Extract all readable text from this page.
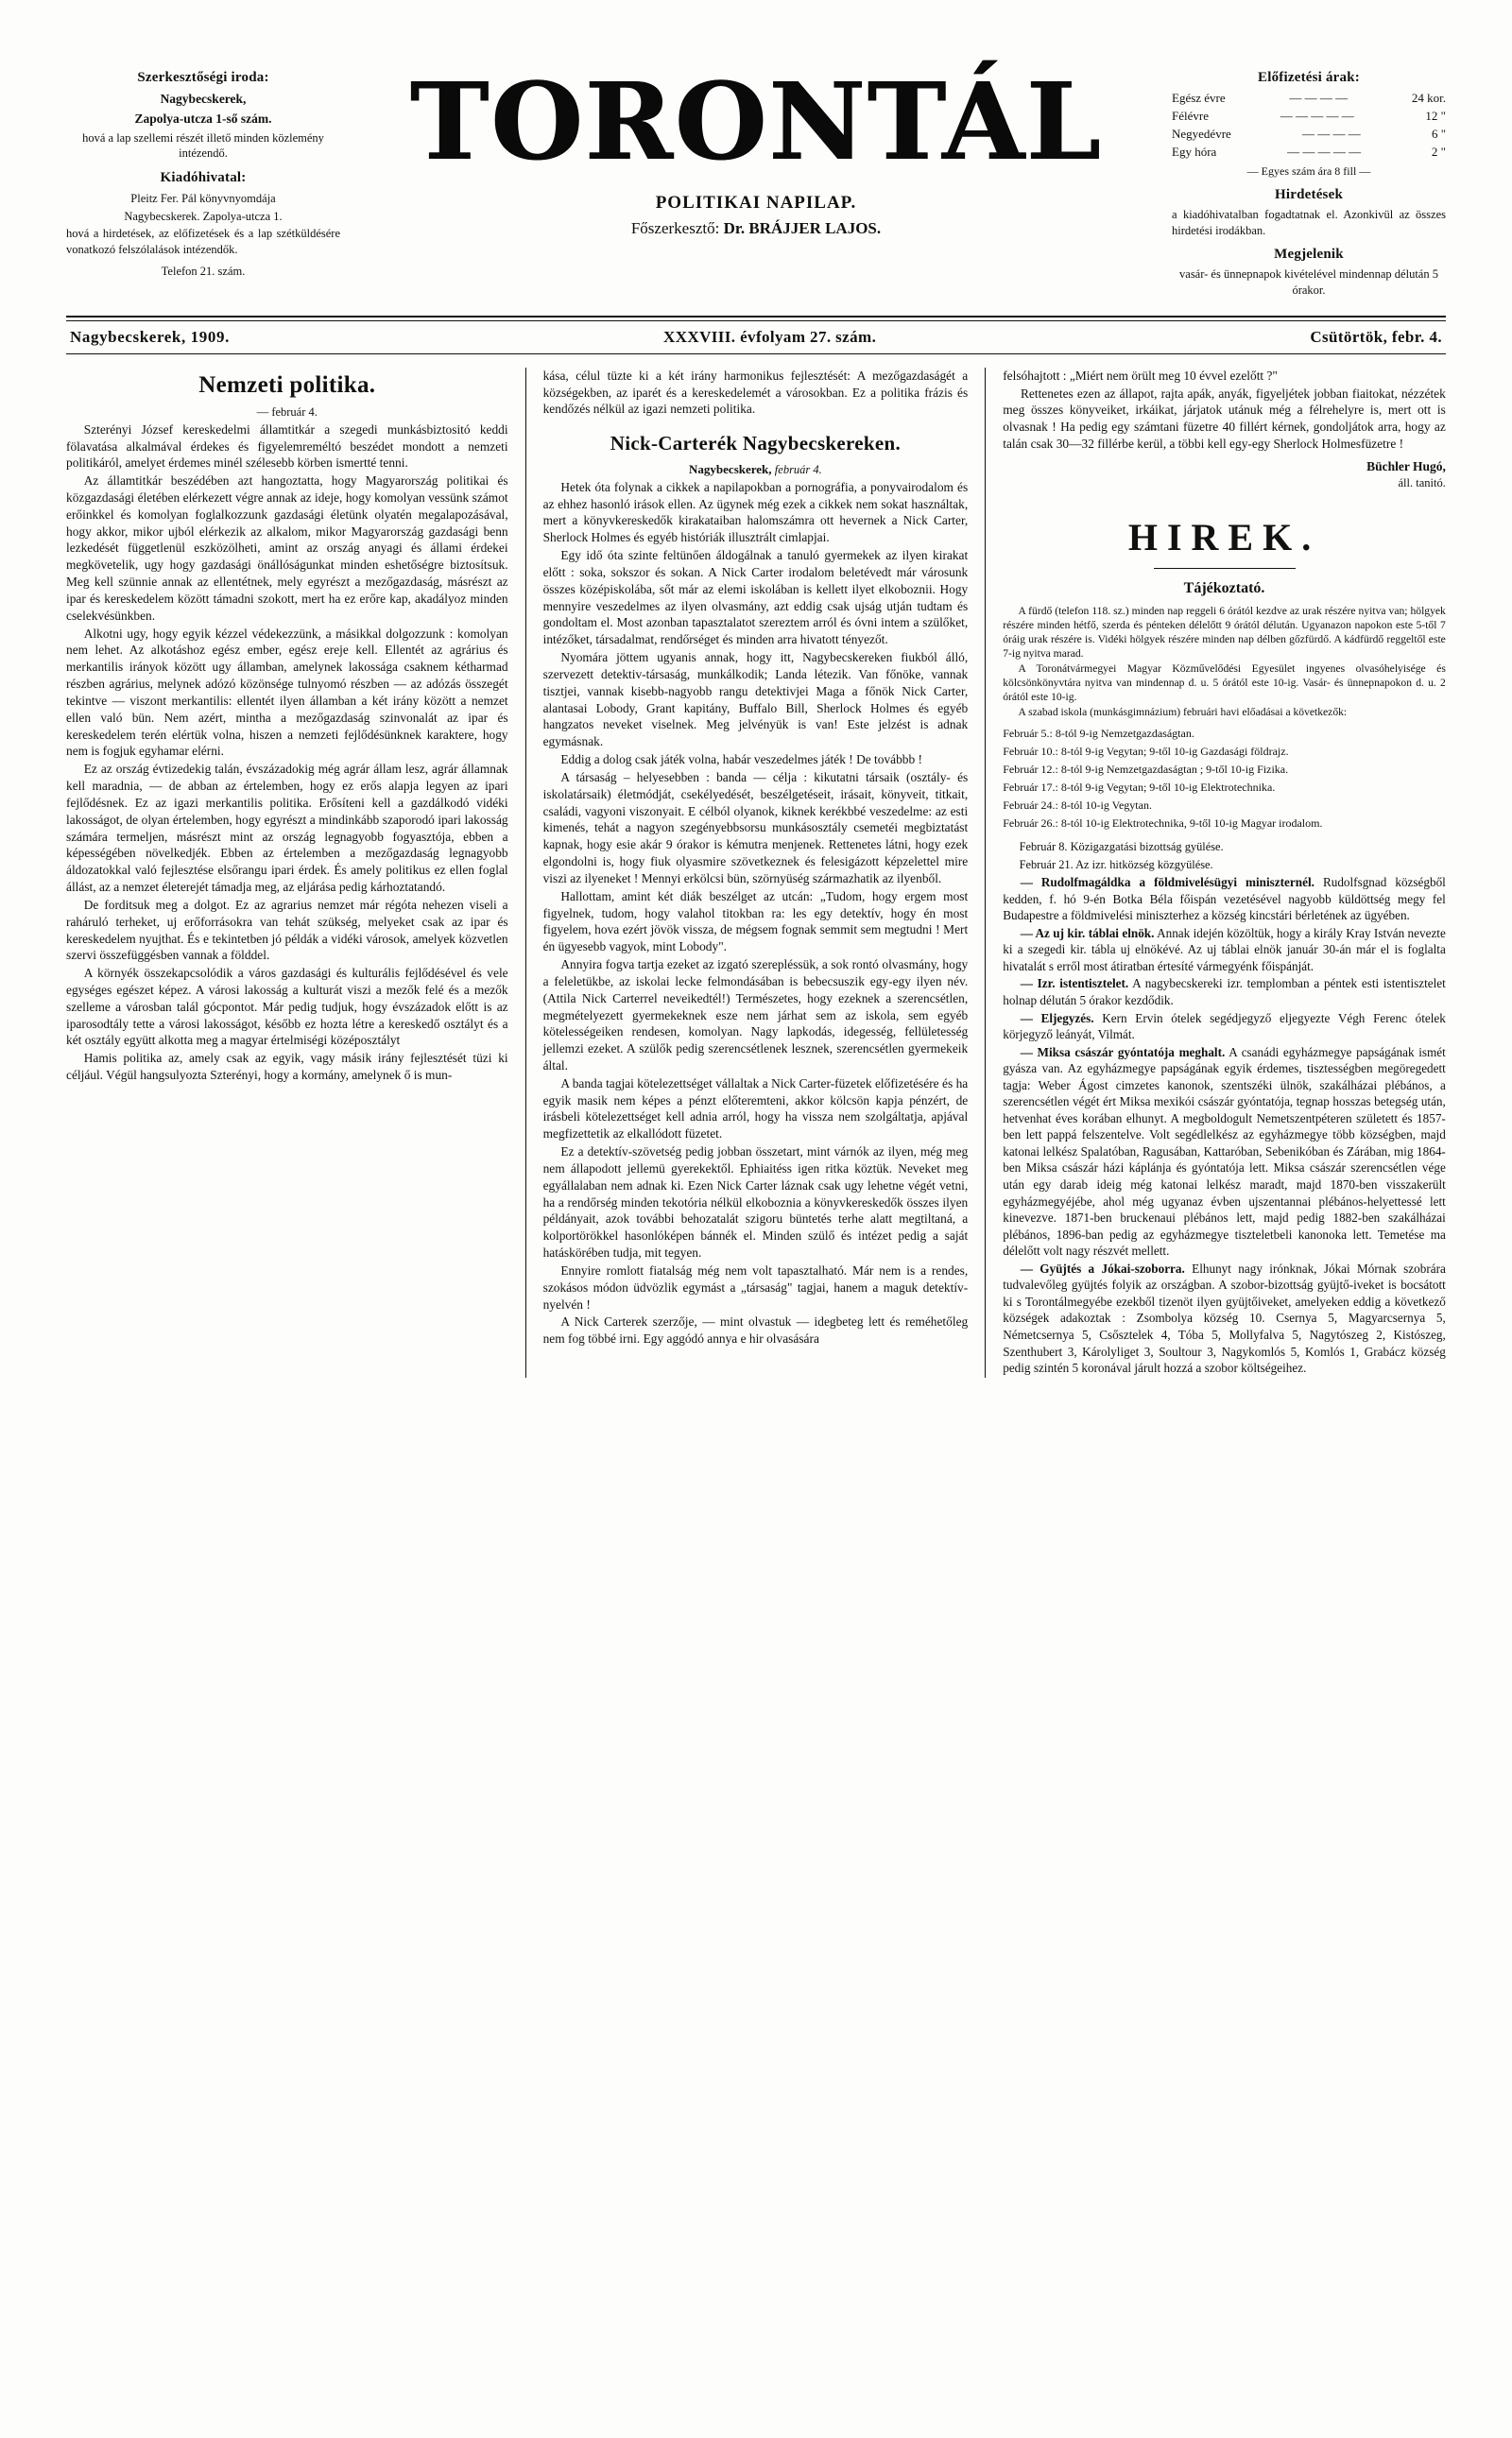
Szerkesztőségi iroda:

Nagybecskerek,

Zapolya-utcza 1-ső szám.

hová a lap szellemi részét illető minden közlemény intézendő.

Kiadóhivatal:

Pleitz Fer. Pál könyvnyomdája

Nagybecskerek. Zapolya-utcza 1.

hová a hirdetések, az előfizetések és a lap szétküldésére vonatkozó felszólalások intézendők.

Telefon 21. szám.

TORONTÁL

POLITIKAI NAPILAP.

Főszerkesztő: Dr. BRÁJJER LAJOS.

Előfizetési árak:

Egész évre	— — — —	24 kor.
Félévre	— — — — —	12 "
Negyedévre	— — — —	6 "
Egy hóra	— — — — —	2 "

— Egyes szám ára 8 fill —

Hirdetések

a kiadóhivatalban fogadtatnak el. Azonkivül az összes hirdetési irodákban.

Megjelenik

vasár- és ünnepnapok kivételével mindennap délután 5 órakor.

Nagybecskerek, 1909.	XXXVIII. évfolyam 27. szám.	Csütörtök, febr. 4.
Nemzeti politika.

— február 4.

Szterényi József kereskedelmi államtitkár a szegedi munkásbiztositó keddi fölavatása alkalmával érdekes és figyelemreméltó beszédet mondott a nemzeti politikáról, amelyet érdemes minél szélesebb körben ismertté tenni.

Az államtitkár beszédében azt hangoztatta, hogy Magyarország politikai és közgazdasági életében elérkezett végre annak az ideje, hogy komolyan vessünk számot erőinkkel és komolyan foglalkozzunk gazdasági életünk olyatén megalapozásával, hogy akkor, mikor ujból elérkezik az alkalom, mikor Magyarország gazdasági benn lezkedését függetlenül eszközölheti, amint az ország anyagi és állami érdekei megkövetelik, ugy hogy gazdasági önállóságunkat minden eshetőségre biztosítsuk. Meg kell szünnie annak az ellentétnek, mely egyrészt a mezőgazdaság, másrészt az ipar és kereskedelem között támadni szokott, mert ha ez erőre kap, akadályoz minden cselekvésünkben.

Alkotni ugy, hogy egyik kézzel védekezzünk, a másikkal dolgozzunk : komolyan nem lehet. Az alkotáshoz egész ember, egész ereje kell. Ellentét az agrárius és merkantilis irányok között ugy államban, amelynek lakossága csaknem kétharmad részben agrárius, melynek adózó közönsége tulnyomó részben — az adózás összegét tekintve — viszont merkantilis: ellentét ilyen államban a két irány között a nemzet ellen való bün. Nem azért, mintha a mezőgazdaság szinvonalát az ipar és kereskedelem terén elértük volna, hiszen a nemzeti fejlődésünknek karaktere, hogy nem is fogjuk egyhamar elérni.

Ez az ország évtizedekig talán, évszázadokig még agrár állam lesz, agrár államnak kell maradnia, — de abban az értelemben, hogy ez erős alapja legyen az ipari fejlődésnek. Ez az igazi merkantilis politika. Erősíteni kell a gazdálkodó vidéki lakosságot, de olyan értelemben, hogy egyrészt a mindinkább szaporodó ipari lakosság számára termeljen, másrészt mint az ország legnagyobb fogyasztója, ebben a képességében növelkedjék. Ebben az értelemben a mezőgazdaság legnagyobb áldozatokkal való fejlesztése elsőrangu ipari érdek. És amely politikus ez ellen foglal állást, az a nemzet életerejét támadja meg, az eljárása pedig kárhoztatandó.

De forditsuk meg a dolgot. Ez az agrarius nemzet már régóta nehezen viseli a raháruló terheket, uj erőforrásokra van tehát szükség, melyeket csak az ipar és kereskedelem nyujthat. És e tekintetben jó példák a vidéki városok, amelyek közvetlen szervi összefüggésben vannak a földdel.

A környék összekapcsolódik a város gazdasági és kulturális fejlődésével és vele egységes egészet képez. A városi lakosság a kulturát viszi a mezők felé és a mezők szelleme a városban talál gócpontot. Már pedig tudjuk, hogy évszázadok előtt is az iparosodtály tette a városi lakosságot, később ez hozta létre a kereskedő osztályt és a két osztály együtt alkotta meg a magyar értelmiségi középosztályt

Hamis politika az, amely csak az egyik, vagy másik irány fejlesztését tüzi ki céljául. Végül hangsulyozta Szterényi, hogy a kormány, amelynek ő is mun-

kása, célul tüzte ki a két irány harmonikus fejlesztését: A mezőgazdaságét a községekben, az iparét és a kereskedelemét a városokban. Ez a politika frázis és kendőzés nélkül az igazi nemzeti politika.

Nick-Carterék Nagybecskereken.

Nagybecskerek, február 4.

Hetek óta folynak a cikkek a napilapokban a pornográfia, a ponyvairodalom és az ehhez hasonló irások ellen. Az ügynek még ezek a cikkek nem sokat használtak, mert a könyvkereskedők kirakataiban halomszámra ott hevernek a Nick Carter, Sherlock Holmes és egyéb históriák illusztrált cimlapjai.

Egy idő óta szinte feltünően áldogálnak a tanuló gyermekek az ilyen kirakat előtt : soka, sokszor és sokan. A Nick Carter irodalom beletévedt már városunk összes középiskolába, sőt már az elemi iskolában is kellett ilyet elkoboznii. Hogy mennyire veszedelmes az ilyen olvasmány, azt eddig csak ujság utján tudtam és gondoltam el. Most azonban tapasztalatot szereztem arról és óvni intem a szülőket, intézőket, társadalmat, rendőrséget és minden arra hivatott tényezőt.

Nyomára jöttem ugyanis annak, hogy itt, Nagybecskereken fiukból álló, szervezett detektiv-társaság, munkálkodik; Landa létezik. Van főnöke, vannak tisztjei, vannak kisebb-nagyobb rangu detektivjei Maga a főnök Nick Carter, alantasai Lobody, Grant kapitány, Buffalo Bill, Sherlock Holmes és egyéb hangzatos neveket viselnek. Meg jelvényük is van! Este jelzést is adnak egymásnak.

Eddig a dolog csak játék volna, habár veszedelmes játék ! De továbbb !

A társaság – helyesebben : banda — célja : kikutatni társaik (osztály- és iskolatársaik) életmódját, csekélyedését, beszélgetéseit, irásait, könyveit, titkait, családi, vagyoni viszonyait. E célból olyanok, kiknek kerékbbé veszedelme: az esti kimenés, tehát a nagyon szegényebbsorsu munkásosztály csemetéi megbiztatást kapnak, hogy esie akár 9 órakor is kémutra menjenek. Rettenetes látni, hogy ezek elgondolni is, hogy fiuk olyasmire szövetkeznek és felesigázott képzelettel mire viszi az ilyeneket ! Mennyi erkölcsi bün, szörnyüség származhatik az ilyenből.

Hallottam, amint két diák beszélget az utcán: „Tudom, hogy ergem most figyelnek, tudom, hogy valahol titokban ra: les egy detektív, hogy én most figyelem, hova ezért jövök vissza, de mégsem fognak semmit sem megtudni ! Mert én ügyesebb vagyok, mint Lobody".

Annyira fogva tartja ezeket az izgató szerepléssük, a sok rontó olvasmány, hogy a feleletükbe, az iskolai lecke felmondásában is bebecsuszik egy-egy ilyen név. (Attila Nick Carterrel neveikedtél!) Természetes, hogy ezeknek a szerencsétlen, megmételyezett gyermekeknek esze nem járhat sem az iskola, sem egyéb kötelességeiken rendesen, komolyan. Nagy lapkodás, idegesség, fellületesség jellemzi ezeket. A szülők pedig szerencsétlenek lesznek, szerencsétlen gyermekeik által.

A banda tagjai kötelezettséget vállaltak a Nick Carter-füzetek előfizetésére és ha egyik masik nem képes a pénzt előteremteni, akkor kölcsön kapja pénzért, de irásbeli kötelezettséget kell adnia arról, hogy ha vissza nem szolgáltatja, apjával megfizettetik az elkallódott füzetet.

Ez a detektív-szövetség pedig jobban összetart, mint várnók az ilyen, még meg nem állapodott jellemü gyerekektől. Ephiaitéss igen ritka köztük. Neveket meg egyállalaban nem adnak ki. Ezen Nick Carter láznak csak ugy lehetne végét vetni, ha a rendőrség minden tekotória nélkül elkoboznia a könyvkereskedők összes ilyen példányait, azok további behozatalát szigoru büntetés terhe alatt megtiltaná, a kolportörökkel hasonlóképen bánnék el. Minden szülő és intézet pedig a saját hatáskörében tudja, mit tegyen.

Ennyire romlott fiatalság még nem volt tapasztalható. Már nem is a rendes, szokásos módon üdvözlik egymást a „társaság" tagjai, hanem a maguk detektív-nyelvén !

A Nick Carterek szerzője, — mint olvastuk — idegbeteg lett és reméhetőleg nem fog többé irni. Egy aggódó annya e hir olvasására

felsóhajtott : „Miért nem örült meg 10 évvel ezelőtt ?"

Rettenetes ezen az állapot, rajta apák, anyák, figyeljétek jobban fiaitokat, nézzétek meg összes könyveiket, irkáikat, járjatok utánuk még a félrehelyre is, mert ott is olvasnak ! Ha pedig egy számtani füzetre 40 fillért kérnek, gondoljátok arra, hogy az talán csak 30—32 fillérbe kerül, a többi kell egy-egy Sherlock Holmesfüzetre !

Büchler Hugó,
áll. tanitó.
HIREK.
Tájékoztató.

A fürdő (telefon 118. sz.) minden nap reggeli 6 órától kezdve az urak részére nyitva van; hölgyek részére minden hétfő, szerda és pénteken délelőtt 9 órától délután. Ugyanazon napokon este 5-től 7 óráig urak részére is. Vidéki hölgyek részére minden nap délben gőzfürdő. A kádfürdő reggeltől este 7-ig nyitva marad.

A Toronátvármegyei Magyar Közművelődési Egyesület ingyenes olvasóhelyisége és kölcsönkönyvtára nyitva van mindennap d. u. 5 órától este 10-ig. Vasár- és ünnepnapokon d. u. 2 órától este 10-ig.

A szabad iskola (munkásgimnázium) februári havi előadásai a következők:

Február 5.: 8-tól 9-ig Nemzetgazdaságtan.
Február 10.: 8-tól 9-ig Vegytan; 9-től 10-ig Gazdasági földrajz.
Február 12.: 8-tól 9-ig Nemzetgazdaságtan ; 9-től 10-ig Fizika.
Február 17.: 8-tól 9-ig Vegytan; 9-től 10-ig Elektrotechnika.
Február 24.: 8-tól 10-ig Vegytan.
Február 26.: 8-tól 10-ig Elektrotechnika, 9-től 10-ig Magyar irodalom.

Február 8. Közigazgatási bizottság gyülése.

Február 21. Az izr. hitközség közgyülése.

— Rudolfmagáldka a földmivelésügyi miniszternél. Rudolfsgnad községből kedden, f. hó 9-én Botka Béla főispán vezetésével nagyobb küldöttség megy fel Budapestre a földmivelési miniszterhez a község kincstári bérletének az ügyében.

— Az uj kir. táblai elnök. Annak idején közöltük, hogy a király Kray István nevezte ki a szegedi kir. tábla uj elnökévé. Az uj táblai elnök január 30-án már el is foglalta hivatalát s erről most átiratban értesíté vármegyénk főispánját.

— Izr. istentisztelet. A nagybecskereki izr. templomban a péntek esti istentisztelet holnap délután 5 órakor kezdődik.

— Eljegyzés. Kern Ervin ótelek segédjegyző eljegyezte Végh Ferenc ótelek körjegyző leányát, Vilmát.

— Miksa császár gyóntatója meghalt. A csanádi egyházmegye papságának ismét gyásza van. Az egyházmegye papságának egyik érdemes, tisztességben megöregedett tagja: Weber Ágost cimzetes kanonok, szentszéki ülnök, szakálházai plébános, a szerencsétlen végét ért Miksa mexikói császár gyóntatója, tegnap hosszas betegség után, hetvenhat éves korában elhunyt. A megboldogult Nemetszentpéteren született és 1857-ben lett pappá felszentelve. Volt segédlelkész az egyházmegye több községben, majd katonai lelkész Spalatóban, Ragusában, Kattaróban, Sebenikóban és Zárában, mig 1864-ben Miksa császár házi káplánja és gyóntatója lett. Miksa császár szerencsétlen vége után egy darab ideig még katonai lelkész maradt, majd 1870-ben visszakerült egyházmegyéjébe, ahol még ugyanaz évben ujszentannai plébános-helyettessé lett kinevezve. 1871-ben bruckenaui plébános lett, majd pedig 1882-ben szakálházai plébános, 1896-ban pedig az egyházmegye tiszteletbeli kanonoka lett. Temetése ma délelőtt volt nagy részvét mellett.

— Gyüjtés a Jókai-szoborra. Elhunyt nagy irónknak, Jókai Mórnak szobrára tudvalevőleg gyüjtés folyik az országban. A szobor-bizottság gyüjtő-iveket is bocsátott ki s Torontálmegyébe ezekből tizenöt ilyen gyüjtőiveket, amelyeken eddig a következő községek adakoztak : Zsombolya község 10. Csernya 5, Magyarcsernya 5, Németcsernya 5, Csősztelek 4, Tóba 5, Mollyfalva 5, Nagytószeg 2, Kistószeg, Szenthubert 3, Károlyliget 3, Soultour 3, Nagykomlós 5, Komlós 1, Grabácz község pedig szintén 5 koronával járult hozzá a szobor költségeihez.
